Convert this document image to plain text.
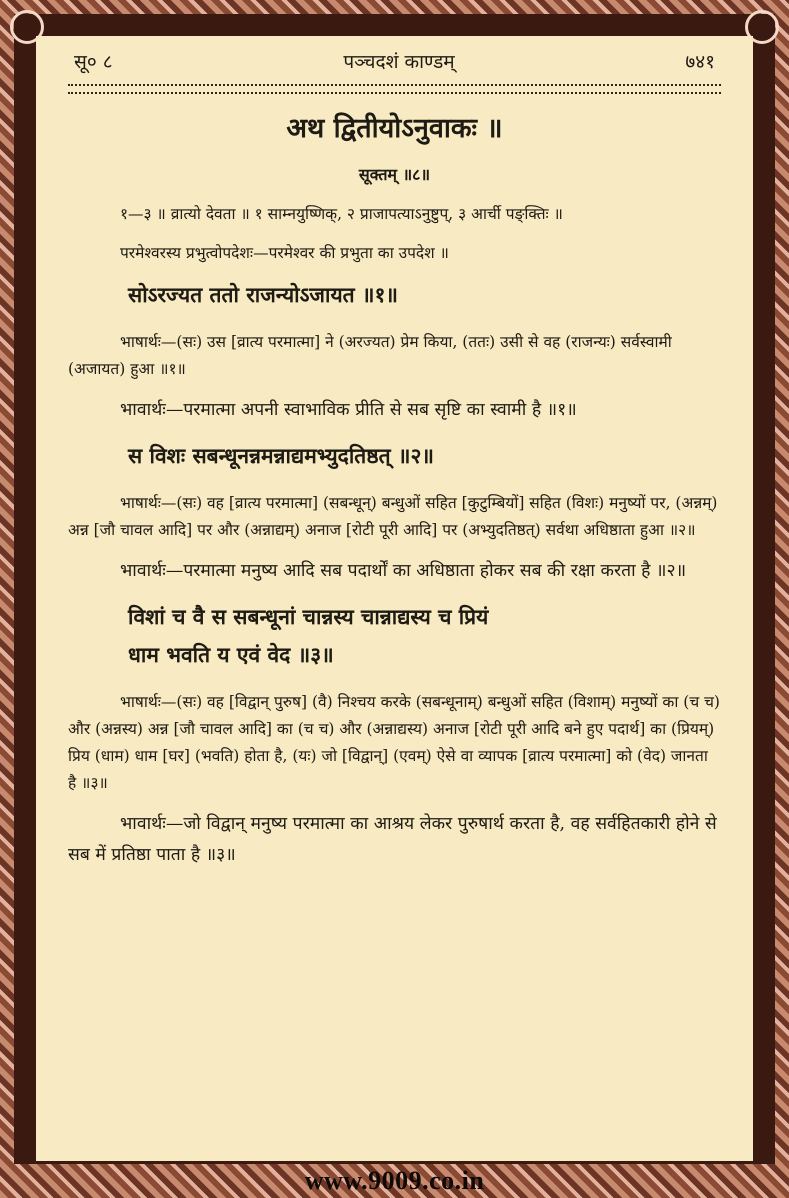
सू० ८	पञ्चदशं काण्डम्	७४१
अथ द्वितीयोऽनुवाकः ॥
सूक्तम् ॥८॥

१—३ ॥ व्रात्यो देवता ॥ १ साम्नयुष्णिक्, २ प्राजापत्याऽनुष्टुप्, ३ आर्ची पङ्क्तिः ॥

परमेश्वरस्य प्रभुत्वोपदेशः—परमेश्वर की प्रभुता का उपदेश ॥

सोऽरज्यत ततो राजन्योऽजायत ॥१॥

भाषार्थः—(सः) उस [व्रात्य परमात्मा] ने (अरज्यत) प्रेम किया, (ततः) उसी से वह (राजन्यः) सर्वस्वामी (अजायत) हुआ ॥१॥

भावार्थः—परमात्मा अपनी स्वाभाविक प्रीति से सब सृष्टि का स्वामी है ॥१॥

स विशः सबन्धूनन्नमन्नाद्यमभ्युदतिष्ठत् ॥२॥

भाषार्थः—(सः) वह [व्रात्य परमात्मा] (सबन्धून्) बन्धुओं सहित [कुटुम्बियों] सहित (विशः) मनुष्यों पर, (अन्नम्) अन्न [जौ चावल आदि] पर और (अन्नाद्यम्) अनाज [रोटी पूरी आदि] पर (अभ्युदतिष्ठत्) सर्वथा अधिष्ठाता हुआ ॥२॥

भावार्थः—परमात्मा मनुष्य आदि सब पदार्थों का अधिष्ठाता होकर सब की रक्षा करता है ॥२॥

विशां च वै स सबन्धूनां चान्नस्य चान्नाद्यस्य च प्रियं
धाम भवति य एवं वेद ॥३॥

भाषार्थः—(सः) वह [विद्वान् पुरुष] (वै) निश्चय करके (सबन्धूनाम्) बन्धुओं सहित (विशाम्) मनुष्यों का (च च) और (अन्नस्य) अन्न [जौ चावल आदि] का (च च) और (अन्नाद्यस्य) अनाज [रोटी पूरी आदि बने हुए पदार्थ] का (प्रियम्) प्रिय (धाम) धाम [घर] (भवति) होता है, (यः) जो [विद्वान्] (एवम्) ऐसे वा व्यापक [व्रात्य परमात्मा] को (वेद) जानता है ॥३॥

भावार्थः—जो विद्वान् मनुष्य परमात्मा का आश्रय लेकर पुरुषार्थ करता है, वह सर्वहितकारी होने से सब में प्रतिष्ठा पाता है ॥३॥

www.9009.co.in
